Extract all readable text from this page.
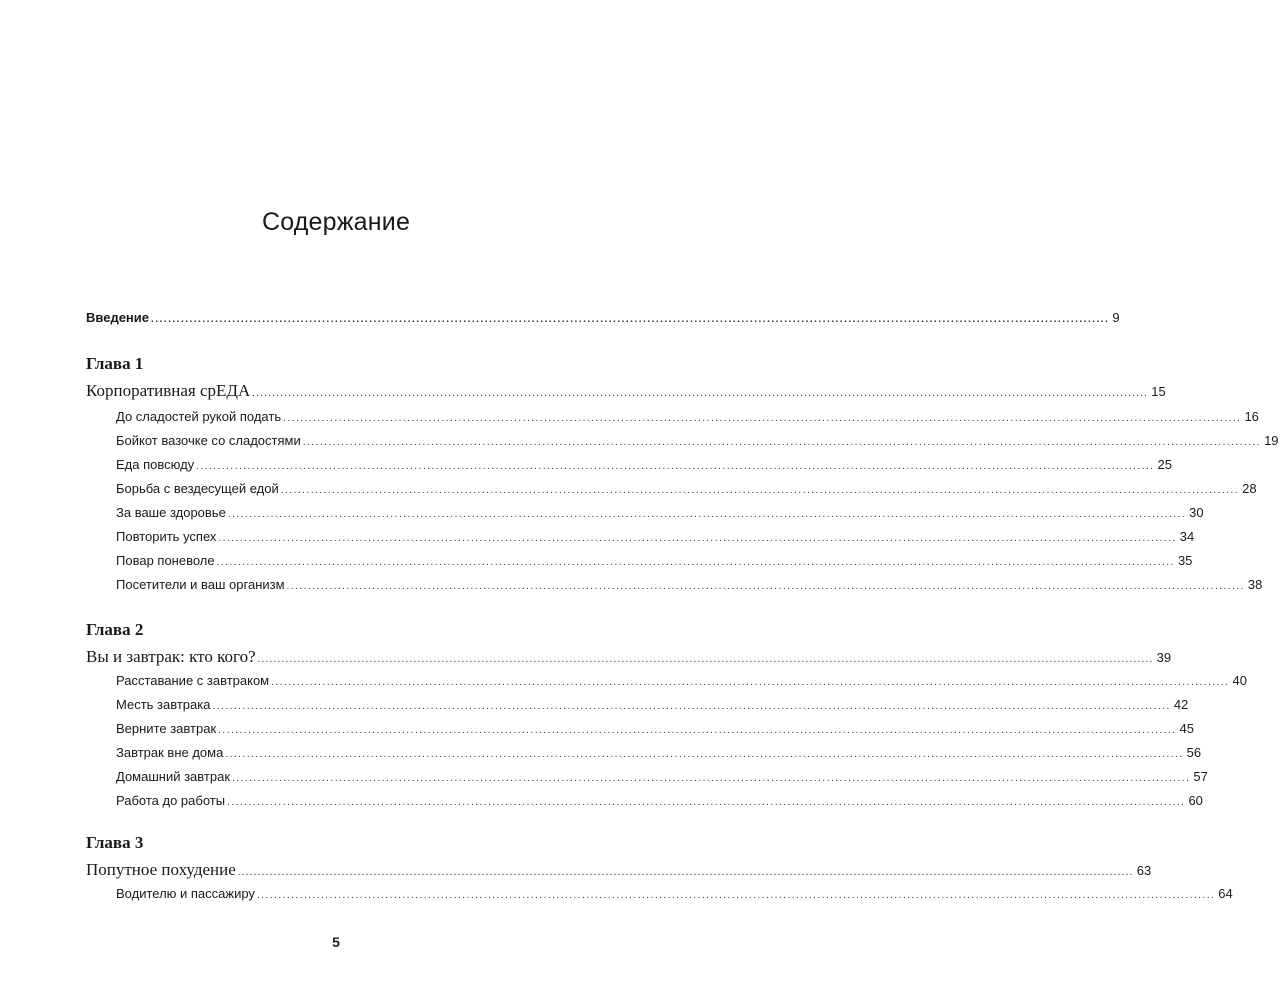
Содержание
Введение ................................................................................................................................................................................................................................ 9
Глава 1
Корпоративная срЕДА ................................................................................................................................................................................................................................ 15
До сладостей рукой подать ................................................................................................................................................................................................................................ 16
Бойкот вазочке со сладостями ................................................................................................................................................................................................................................ 19
Еда повсюду ................................................................................................................................................................................................................................ 25
Борьба с вездесущей едой ................................................................................................................................................................................................................................ 28
За ваше здоровье ................................................................................................................................................................................................................................ 30
Повторить успех ................................................................................................................................................................................................................................ 34
Повар поневоле ................................................................................................................................................................................................................................ 35
Посетители и ваш организм ................................................................................................................................................................................................................................ 38
Глава 2
Вы и завтрак: кто кого? ................................................................................................................................................................................................................................ 39
Расставание с завтраком ................................................................................................................................................................................................................................ 40
Месть завтрака ................................................................................................................................................................................................................................ 42
Верните завтрак ................................................................................................................................................................................................................................ 45
Завтрак вне дома ................................................................................................................................................................................................................................ 56
Домашний завтрак ................................................................................................................................................................................................................................ 57
Работа до работы ................................................................................................................................................................................................................................ 60
Глава 3
Попутное похудение ................................................................................................................................................................................................................................ 63
Водителю и пассажиру ................................................................................................................................................................................................................................ 64
5
